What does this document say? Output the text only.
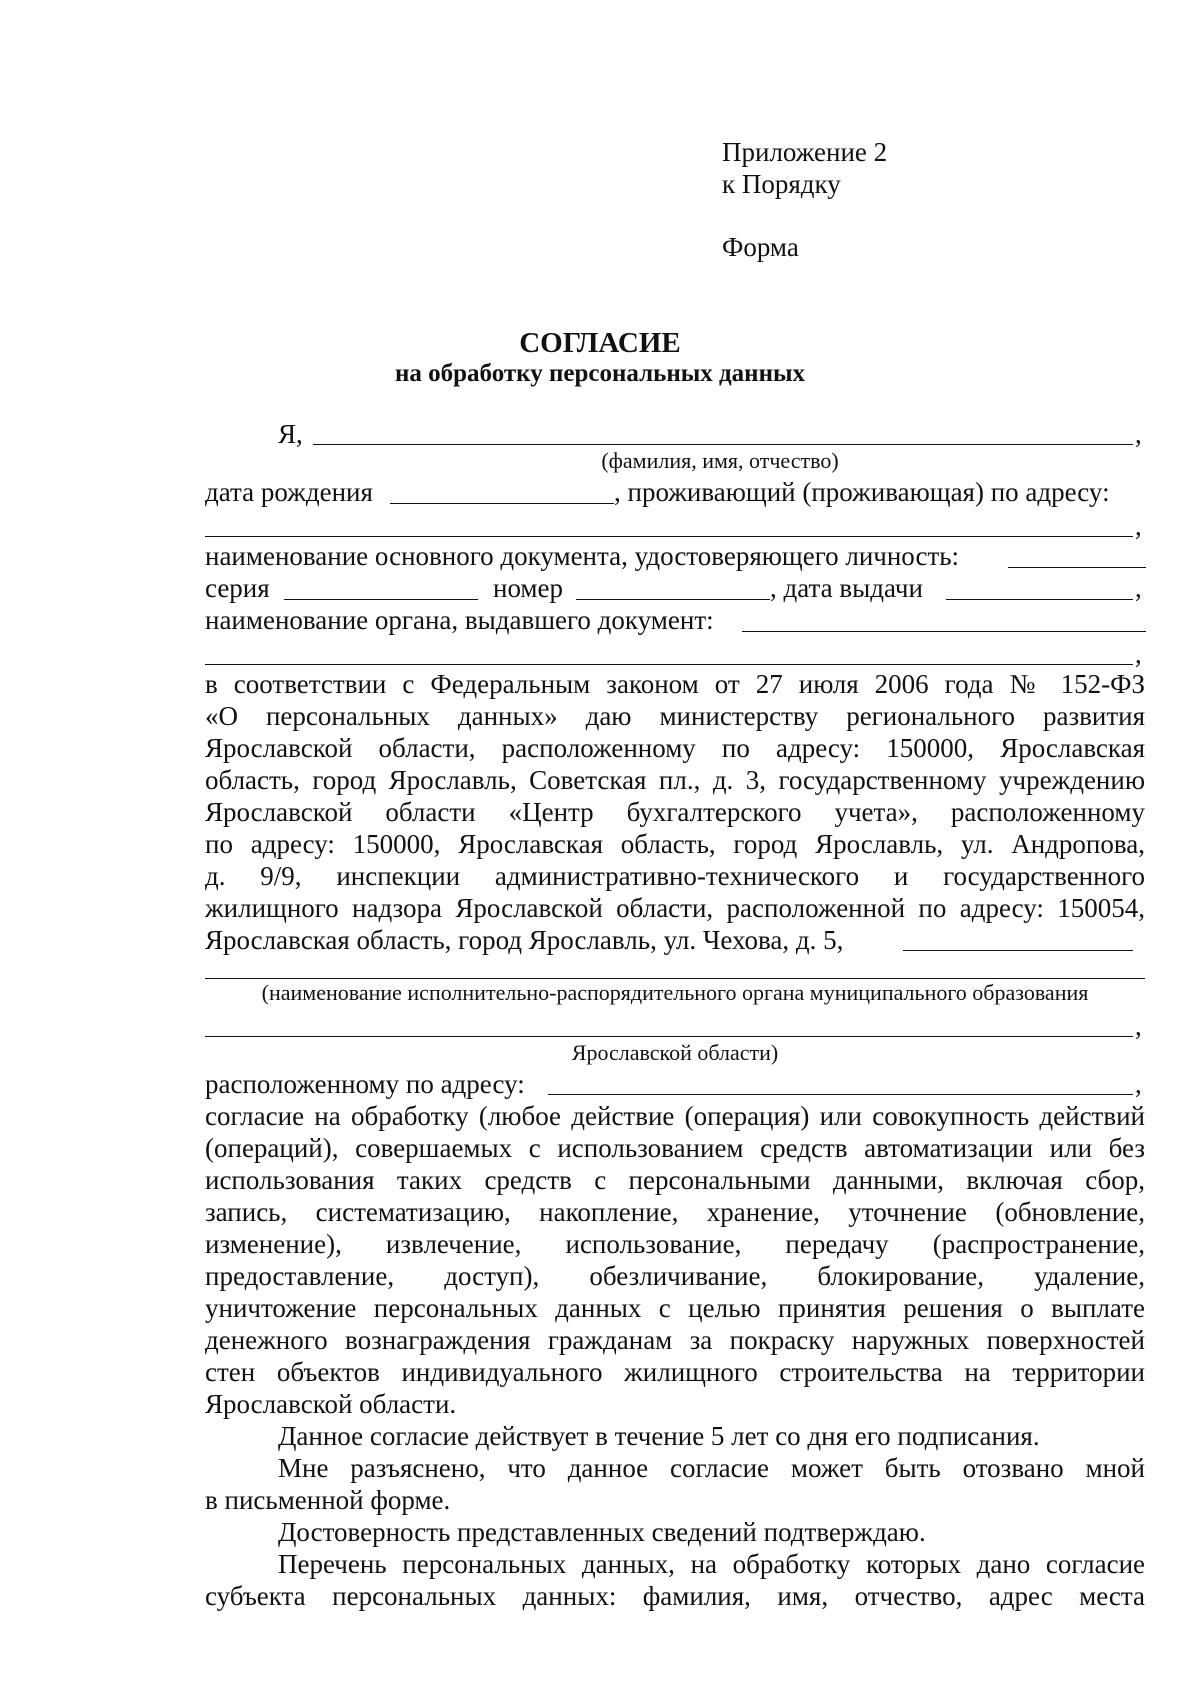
Приложение 2
к Порядку
Форма
СОГЛАСИЕ
на обработку персональных данных
Я,	,
(фамилия, имя, отчество)
дата рождения	, проживающий (проживающая) по адресу:
,
наименование основного документа, удостоверяющего личность:
серия	номер	, дата выдачи	,
наименование органа, выдавшего документ:
,
в соответствии с Федеральным законом от 27 июля 2006 года № 152-ФЗ
«О персональных данных» даю министерству регионального развития
Ярославской области, расположенному по адресу: 150000, Ярославская
область, город Ярославль, Советская пл., д. 3, государственному учреждению
Ярославской области «Центр бухгалтерского учета», расположенному
по адресу: 150000, Ярославская область, город Ярославль, ул. Андропова,
д. 9/9, инспекции административно-технического и государственного
жилищного надзора Ярославской области, расположенной по адресу: 150054,
Ярославская область, город Ярославль, ул. Чехова, д. 5,
(наименование исполнительно-распорядительного органа муниципального образования
,
Ярославской области)
расположенному по адресу:	,
согласие на обработку (любое действие (операция) или совокупность действий
(операций), совершаемых с использованием средств автоматизации или без
использования таких средств с персональными данными, включая сбор,
запись, систематизацию, накопление, хранение, уточнение (обновление,
изменение), извлечение, использование, передачу (распространение,
предоставление, доступ), обезличивание, блокирование, удаление,
уничтожение персональных данных с целью принятия решения о выплате
денежного вознаграждения гражданам за покраску наружных поверхностей
стен объектов индивидуального жилищного строительства на территории
Ярославской области.
Данное согласие действует в течение 5 лет со дня его подписания.
Мне разъяснено, что данное согласие может быть отозвано мной
в письменной форме.
Достоверность представленных сведений подтверждаю.
Перечень персональных данных, на обработку которых дано согласие
субъекта персональных данных: фамилия, имя, отчество, адрес места
